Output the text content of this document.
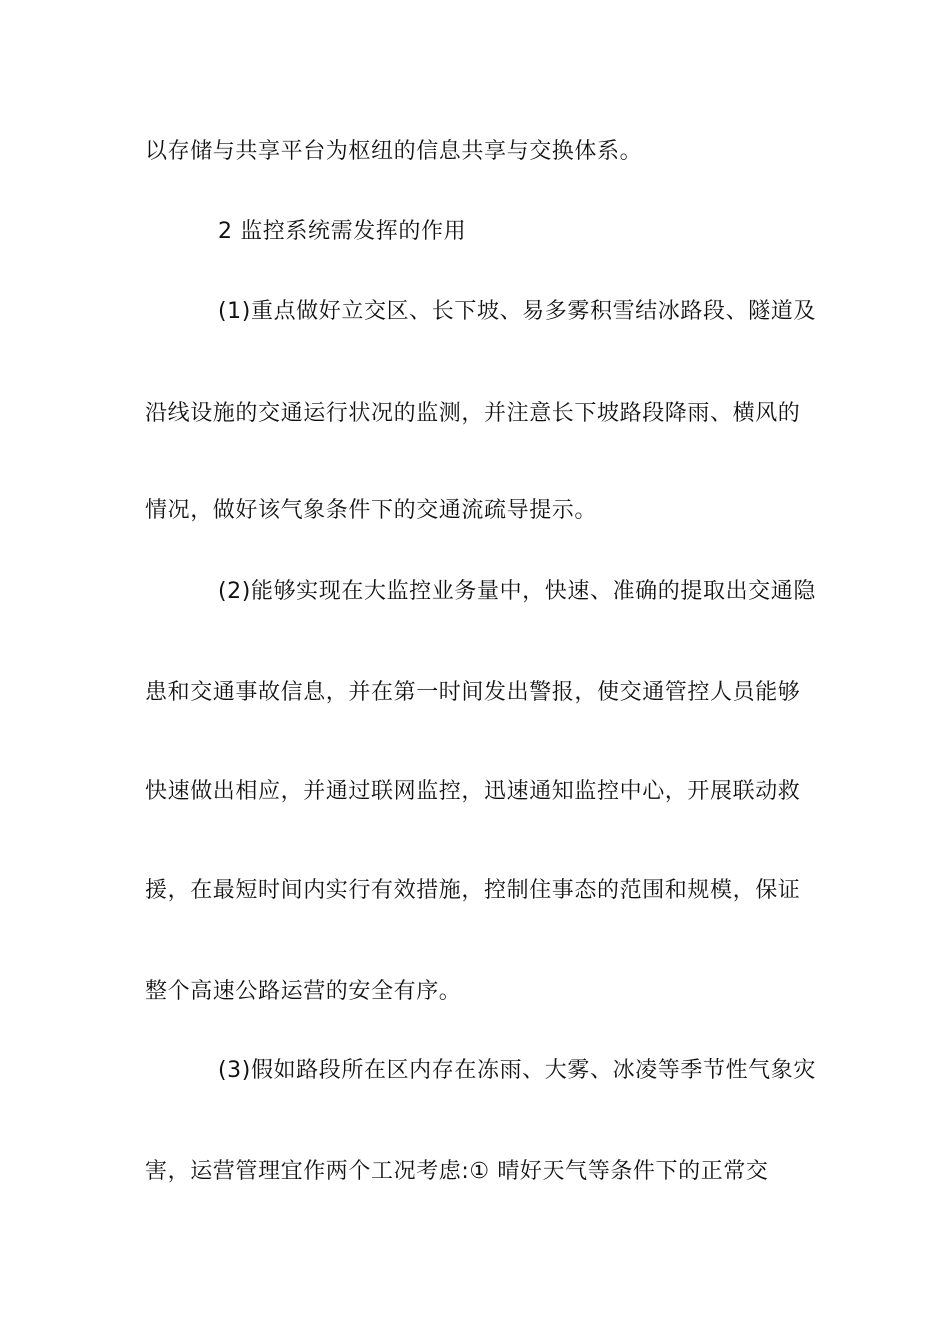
以存储与共享平台为枢纽的信息共享与交换体系。
2 监控系统需发挥的作用
(1)重点做好立交区、长下坡、易多雾积雪结冰路段、隧道及
沿线设施的交通运行状况的监测，并注意长下坡路段降雨、横风的
情况，做好该气象条件下的交通流疏导提示。
(2)能够实现在大监控业务量中，快速、准确的提取出交通隐
患和交通事故信息，并在第一时间发出警报，使交通管控人员能够
快速做出相应，并通过联网监控，迅速通知监控中心，开展联动救
援，在最短时间内实行有效措施，控制住事态的范围和规模，保证
整个高速公路运营的安全有序。
(3)假如路段所在区内存在冻雨、大雾、冰凌等季节性气象灾
害，运营管理宜作两个工况考虑:① 晴好天气等条件下的正常交
